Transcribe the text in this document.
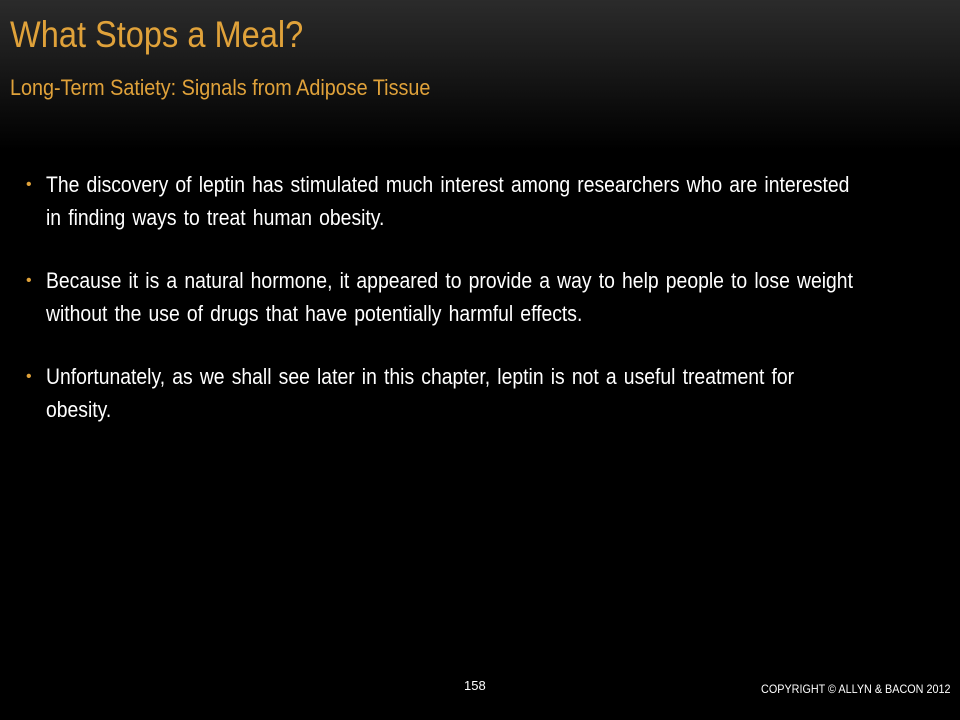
What Stops a Meal?
Long-Term Satiety: Signals from Adipose Tissue
• The discovery of leptin has stimulated much interest among researchers who are interested in finding ways to treat human obesity.
• Because it is a natural hormone, it appeared to provide a way to help people to lose weight without the use of drugs that have potentially harmful effects.
• Unfortunately, as we shall see later in this chapter, leptin is not a useful treatment for obesity.
158	COPYRIGHT © ALLYN & BACON 2012
